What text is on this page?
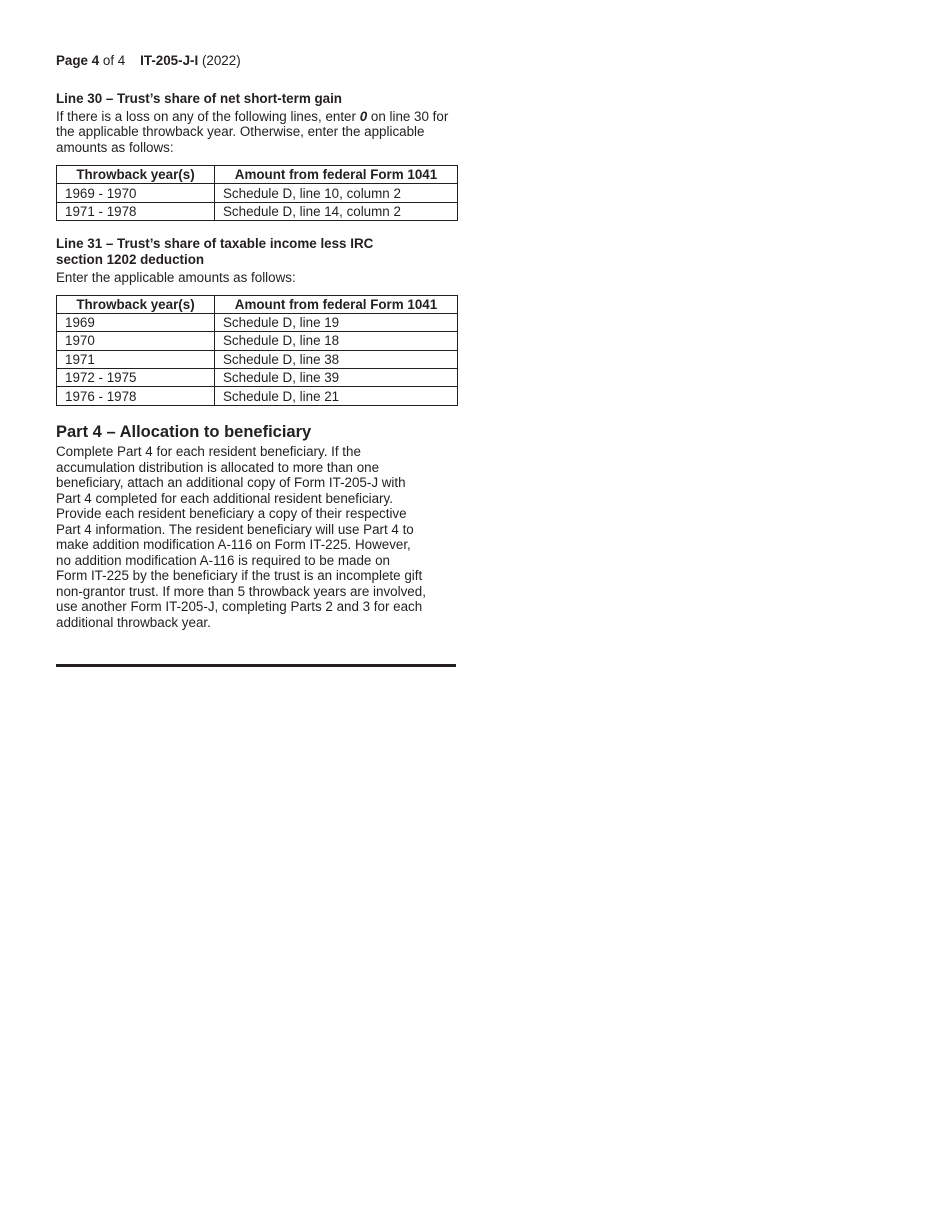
Page 4 of 4 IT-205-J-I (2022)

Line 30 – Trust’s share of net short-term gain

If there is a loss on any of the following lines, enter 0 on line 30 for the applicable throwback year. Otherwise, enter the applicable amounts as follows:

Throwback year(s)	Amount from federal Form 1041
1969 - 1970	Schedule D, line 10, column 2
1971 - 1978	Schedule D, line 14, column 2

Line 31 – Trust’s share of taxable income less IRC

section 1202 deduction

Enter the applicable amounts as follows:

Throwback year(s)	Amount from federal Form 1041
1969	Schedule D, line 19
1970	Schedule D, line 18
1971	Schedule D, line 38
1972 - 1975	Schedule D, line 39
1976 - 1978	Schedule D, line 21

Part 4 – Allocation to beneficiary

Complete Part 4 for each resident beneficiary. If the

accumulation distribution is allocated to more than one

beneficiary, attach an additional copy of Form IT-205-J with

Part 4 completed for each additional resident beneficiary.

Provide each resident beneficiary a copy of their respective

Part 4 information. The resident beneficiary will use Part 4 to

make addition modification A-116 on Form IT-225. However,

no addition modification A-116 is required to be made on

Form IT-225 by the beneficiary if the trust is an incomplete gift

non-grantor trust. If more than 5 throwback years are involved,

use another Form IT-205-J, completing Parts 2 and 3 for each

additional throwback year.
